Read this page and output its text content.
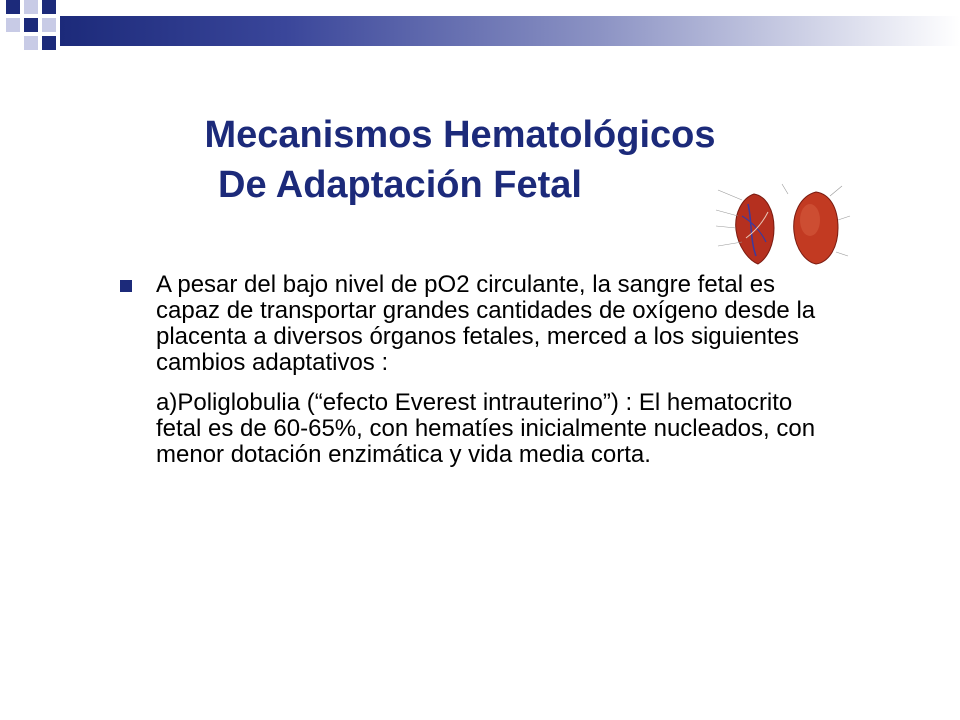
Mecanismos Hematológicos
De Adaptación Fetal

A pesar del bajo nivel de pO2 circulante, la sangre fetal es capaz de transportar grandes cantidades de oxígeno desde la placenta a diversos órganos fetales, merced a los siguientes cambios adaptativos :

a)Poliglobulia (“efecto Everest intrauterino”) : El hematocrito fetal es de 60-65%, con hematíes inicialmente nucleados, con menor dotación enzimática y vida media corta.
